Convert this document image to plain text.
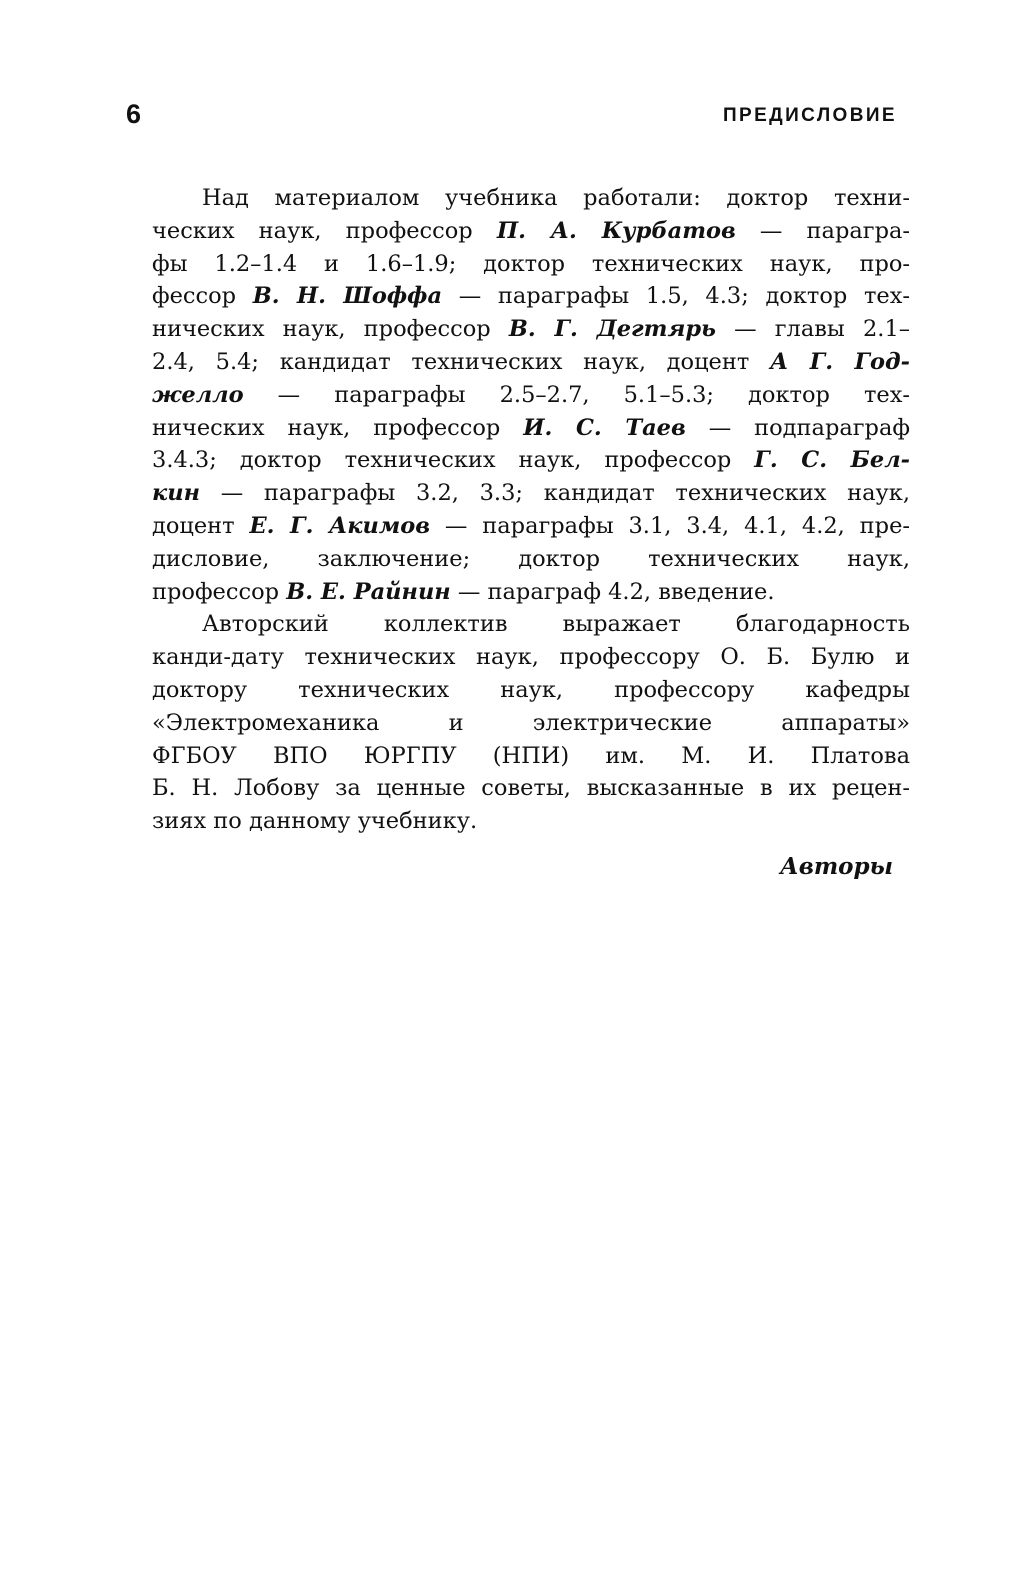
6	ПРЕДИСЛОВИЕ
Над материалом учебника работали: доктор техни-
ческих наук, профессор П. А. Курбатов — парагра-
фы 1.2–1.4 и 1.6–1.9; доктор технических наук, про-
фессор В. Н. Шоффа — параграфы 1.5, 4.3; доктор тех-
нических наук, профессор В. Г. Дегтярь — главы 2.1–
2.4, 5.4; кандидат технических наук, доцент А Г. Год-
желло — параграфы 2.5–2.7, 5.1–5.3; доктор тех-
нических наук, профессор И. С. Таев — подпараграф
3.4.3; доктор технических наук, профессор Г. С. Бел-
кин — параграфы 3.2, 3.3; кандидат технических наук,
доцент Е. Г. Акимов — параграфы 3.1, 3.4, 4.1, 4.2, пре-
дисловие, заключение; доктор технических наук,
профессор В. Е. Райнин — параграф 4.2, введение.
Авторский коллектив выражает благодарность
канди-дату технических наук, профессору О. Б. Булю и
доктору технических наук, профессору кафедры
«Электромеханика и электрические аппараты»
ФГБОУ ВПО ЮРГПУ (НПИ) им. М. И. Платова
Б. Н. Лобову за ценные советы, высказанные в их рецен-
зиях по данному учебнику.
Авторы
